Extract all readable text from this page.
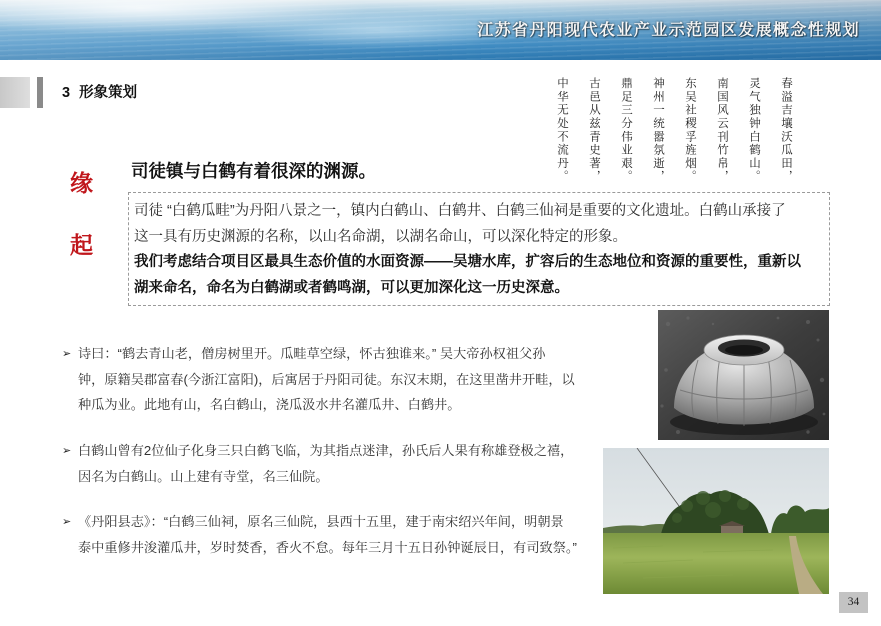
江苏省丹阳现代农业产业示范园区发展概念性规划
3 形象策划	春溢吉壤沃瓜田，
灵气独钟白鹤山。
南国风云刊竹帛，
东吴社稷孚旌烟。
神州一统嚣氛逝，
鼎足三分伟业艰。
古邑从兹青史著，
中华无处不流丹。
缘
起
司徒镇与白鹤有着很深的渊源。
司徒 “白鹤瓜畦”为丹阳八景之一，镇内白鹤山、白鹤井、白鹤三仙祠是重要的文化遗址。白鹤山承接了
这一具有历史渊源的名称，以山名命湖，以湖名命山，可以深化特定的形象。
我们考虑结合项目区最具生态价值的水面资源——吴塘水库，扩容后的生态地位和资源的重要性，重新以
湖来命名，命名为白鹤湖或者鹤鸣湖，可以更加深化这一历史深意。
➢ 诗曰：“鹤去青山老，僧房树里开。瓜畦草空绿，怀古独谁来。” 吴大帝孙权祖父孙
钟，原籍吴郡富春(今浙江富阳)，后寓居于丹阳司徒。东汉末期，在这里凿井开畦，以
种瓜为业。此地有山，名白鹤山，浇瓜汲水井名灌瓜井、白鹤井。
➢ 白鹤山曾有2位仙子化身三只白鹤飞临，为其指点迷津，孙氏后人果有称雄登极之禧，
因名为白鹤山。山上建有寺堂，名三仙院。
➢ 《丹阳县志》：“白鹤三仙祠，原名三仙院，县西十五里，建于南宋绍兴年间，明朝景
泰中重修井浚灌瓜井，岁时焚香，香火不怠。每年三月十五日孙钟诞辰日，有司致祭。”
34
